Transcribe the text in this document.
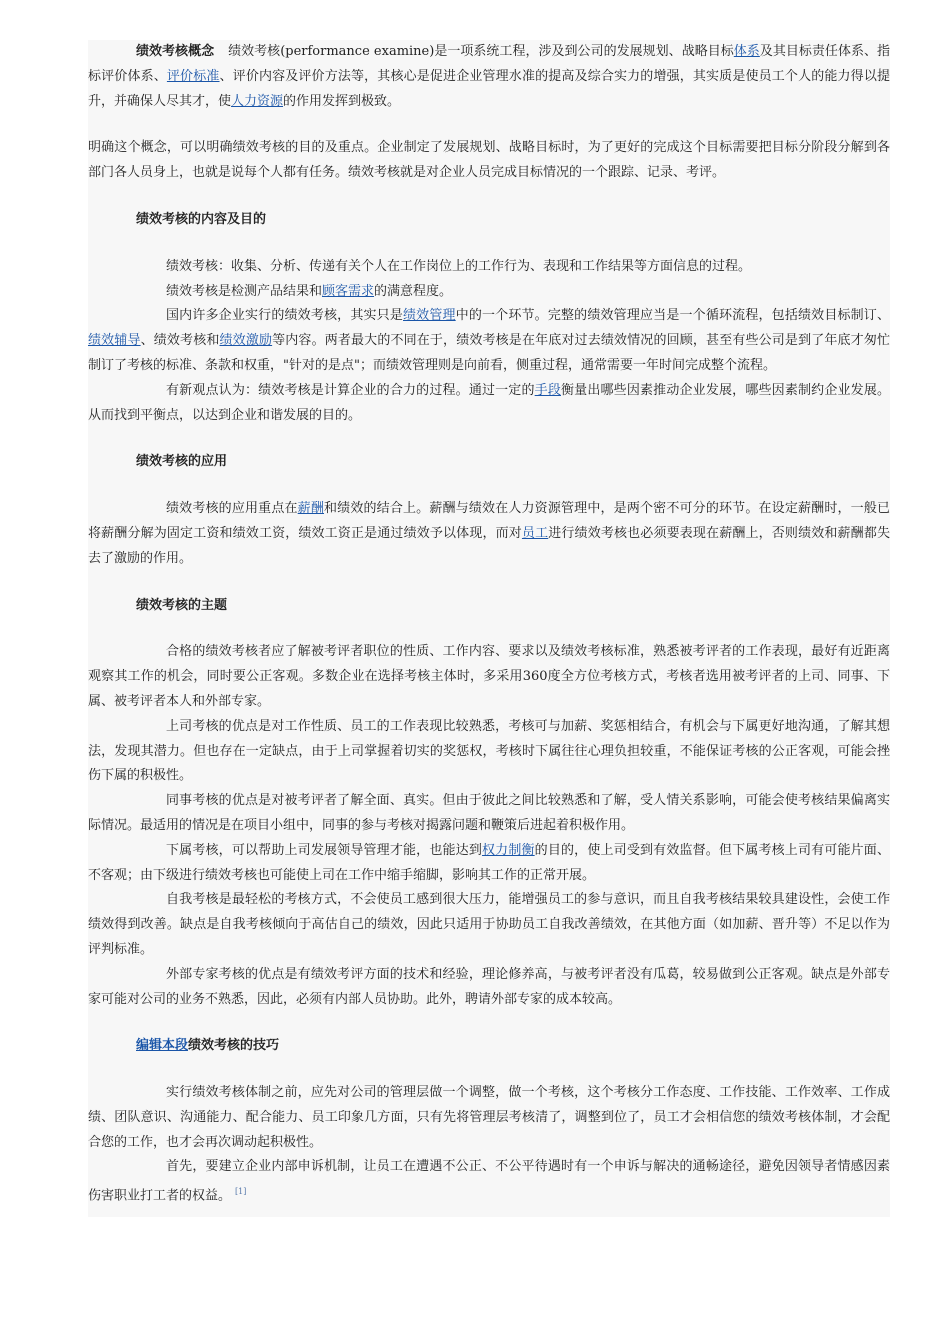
绩效考核概念 绩效考核(performance examine)是一项系统工程，涉及到公司的发展规划、战略目标体系及其目标责任体系、指标评价体系、评价标准、评价内容及评价方法等，其核心是促进企业管理水准的提高及综合实力的增强，其实质是使员工个人的能力得以提升，并确保人尽其才，使人力资源的作用发挥到极致。

明确这个概念，可以明确绩效考核的目的及重点。企业制定了发展规划、战略目标时，为了更好的完成这个目标需要把目标分阶段分解到各部门各人员身上，也就是说每个人都有任务。绩效考核就是对企业人员完成目标情况的一个跟踪、记录、考评。

绩效考核的内容及目的

绩效考核：收集、分析、传递有关个人在工作岗位上的工作行为、表现和工作结果等方面信息的过程。

绩效考核是检测产品结果和顾客需求的满意程度。

国内许多企业实行的绩效考核，其实只是绩效管理中的一个环节。完整的绩效管理应当是一个循环流程，包括绩效目标制订、绩效辅导、绩效考核和绩效激励等内容。两者最大的不同在于，绩效考核是在年底对过去绩效情况的回顾，甚至有些公司是到了年底才匆忙制订了考核的标准、条款和权重，"针对的是点"；而绩效管理则是向前看，侧重过程，通常需要一年时间完成整个流程。

有新观点认为：绩效考核是计算企业的合力的过程。通过一定的手段衡量出哪些因素推动企业发展，哪些因素制约企业发展。从而找到平衡点，以达到企业和谐发展的目的。

绩效考核的应用

绩效考核的应用重点在薪酬和绩效的结合上。薪酬与绩效在人力资源管理中，是两个密不可分的环节。在设定薪酬时，一般已将薪酬分解为固定工资和绩效工资，绩效工资正是通过绩效予以体现，而对员工进行绩效考核也必须要表现在薪酬上，否则绩效和薪酬都失去了激励的作用。

绩效考核的主题

合格的绩效考核者应了解被考评者职位的性质、工作内容、要求以及绩效考核标准，熟悉被考评者的工作表现，最好有近距离观察其工作的机会，同时要公正客观。多数企业在选择考核主体时，多采用360度全方位考核方式，考核者选用被考评者的上司、同事、下属、被考评者本人和外部专家。

上司考核的优点是对工作性质、员工的工作表现比较熟悉，考核可与加薪、奖惩相结合，有机会与下属更好地沟通，了解其想法，发现其潜力。但也存在一定缺点，由于上司掌握着切实的奖惩权，考核时下属往往心理负担较重，不能保证考核的公正客观，可能会挫伤下属的积极性。

同事考核的优点是对被考评者了解全面、真实。但由于彼此之间比较熟悉和了解，受人情关系影响，可能会使考核结果偏离实际情况。最适用的情况是在项目小组中，同事的参与考核对揭露问题和鞭策后进起着积极作用。

下属考核，可以帮助上司发展领导管理才能，也能达到权力制衡的目的，使上司受到有效监督。但下属考核上司有可能片面、不客观；由下级进行绩效考核也可能使上司在工作中缩手缩脚，影响其工作的正常开展。

自我考核是最轻松的考核方式，不会使员工感到很大压力，能增强员工的参与意识，而且自我考核结果较具建设性，会使工作绩效得到改善。缺点是自我考核倾向于高估自己的绩效，因此只适用于协助员工自我改善绩效，在其他方面（如加薪、晋升等）不足以作为评判标准。

外部专家考核的优点是有绩效考评方面的技术和经验，理论修养高，与被考评者没有瓜葛，较易做到公正客观。缺点是外部专家可能对公司的业务不熟悉，因此，必须有内部人员协助。此外，聘请外部专家的成本较高。

编辑本段绩效考核的技巧

实行绩效考核体制之前，应先对公司的管理层做一个调整，做一个考核，这个考核分工作态度、工作技能、工作效率、工作成绩、团队意识、沟通能力、配合能力、员工印象几方面，只有先将管理层考核清了，调整到位了，员工才会相信您的绩效考核体制，才会配合您的工作，也才会再次调动起积极性。

首先，要建立企业内部申诉机制，让员工在遭遇不公正、不公平待遇时有一个申诉与解决的通畅途径，避免因领导者情感因素伤害职业打工者的权益。 [1]
